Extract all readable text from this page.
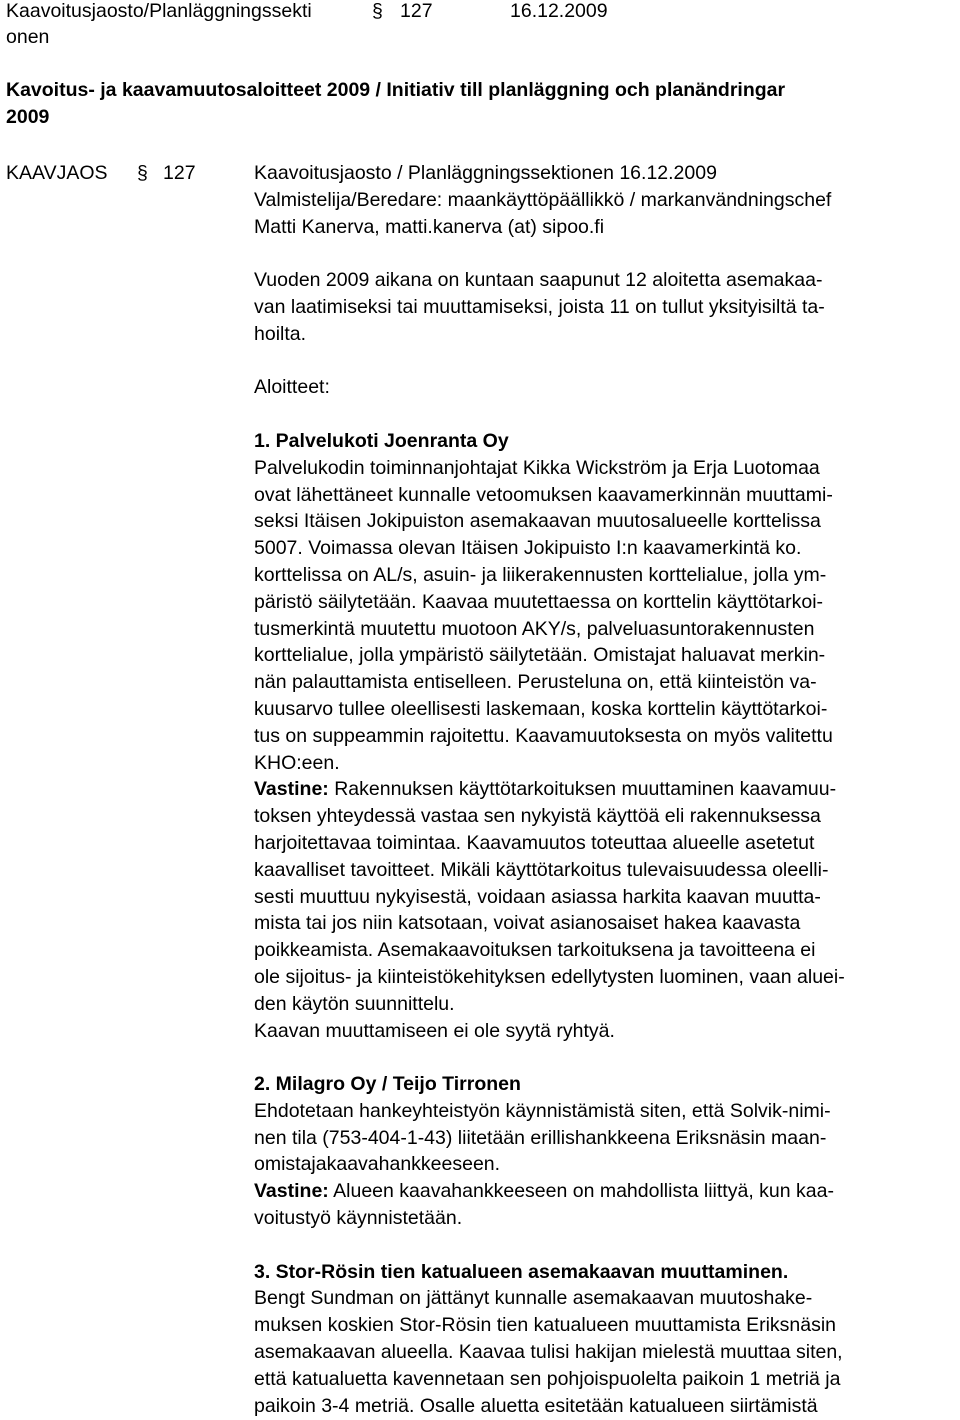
Kaavoitusjaosto/Planläggningssekti	§ 127	16.12.2009
onen
Kavoitus- ja kaavamuutosaloitteet 2009 / Initiativ till planläggning och planändringar
2009
KAAVJAOS § 127	Kaavoitusjaosto / Planläggningssektionen 16.12.2009

Valmistelija/Beredare: maankäyttöpäällikkö / markanvändningschef

Matti Kanerva, matti.kanerva (at) sipoo.fi

Vuoden 2009 aikana on kuntaan saapunut 12 aloitetta asemakaa-

van laatimiseksi tai muuttamiseksi, joista 11 on tullut yksityisiltä ta-

hoilta.

Aloitteet:

1. Palvelukoti Joenranta Oy

Palvelukodin toiminnanjohtajat Kikka Wickström ja Erja Luotomaa

ovat lähettäneet kunnalle vetoomuksen kaavamerkinnän muuttami-

seksi Itäisen Jokipuiston asemakaavan muutosalueelle korttelissa

5007. Voimassa olevan Itäisen Jokipuisto I:n kaavamerkintä ko.

korttelissa on AL/s, asuin- ja liikerakennusten korttelialue, jolla ym-

päristö säilytetään. Kaavaa muutettaessa on korttelin käyttötarkoi-

tusmerkintä muutettu muotoon AKY/s, palveluasuntorakennusten

korttelialue, jolla ympäristö säilytetään. Omistajat haluavat merkin-

nän palauttamista entiselleen. Perusteluna on, että kiinteistön va-

kuusarvo tullee oleellisesti laskemaan, koska korttelin käyttötarkoi-

tus on suppeammin rajoitettu. Kaavamuutoksesta on myös valitettu

KHO:een.

Vastine: Rakennuksen käyttötarkoituksen muuttaminen kaavamuu-

toksen yhteydessä vastaa sen nykyistä käyttöä eli rakennuksessa

harjoitettavaa toimintaa. Kaavamuutos toteuttaa alueelle asetetut

kaavalliset tavoitteet. Mikäli käyttötarkoitus tulevaisuudessa oleelli-

sesti muuttuu nykyisestä, voidaan asiassa harkita kaavan muutta-

mista tai jos niin katsotaan, voivat asianosaiset hakea kaavasta

poikkeamista. Asemakaavoituksen tarkoituksena ja tavoitteena ei

ole sijoitus- ja kiinteistökehityksen edellytysten luominen, vaan aluei-

den käytön suunnittelu.

Kaavan muuttamiseen ei ole syytä ryhtyä.

2. Milagro Oy / Teijo Tirronen

Ehdotetaan hankeyhteistyön käynnistämistä siten, että Solvik-nimi-

nen tila (753-404-1-43) liitetään erillishankkeena Eriksnäsin maan-

omistajakaavahankkeeseen.

Vastine: Alueen kaavahankkeeseen on mahdollista liittyä, kun kaa-

voitustyö käynnistetään.

3. Stor-Rösin tien katualueen asemakaavan muuttaminen.

Bengt Sundman on jättänyt kunnalle asemakaavan muutoshake-

muksen koskien Stor-Rösin tien katualueen muuttamista Eriksnäsin

asemakaavan alueella. Kaavaa tulisi hakijan mielestä muuttaa siten,

että katualuetta kavennetaan sen pohjoispuolelta paikoin 1 metriä ja

paikoin 3-4 metriä. Osalle aluetta esitetään katualueen siirtämistä
